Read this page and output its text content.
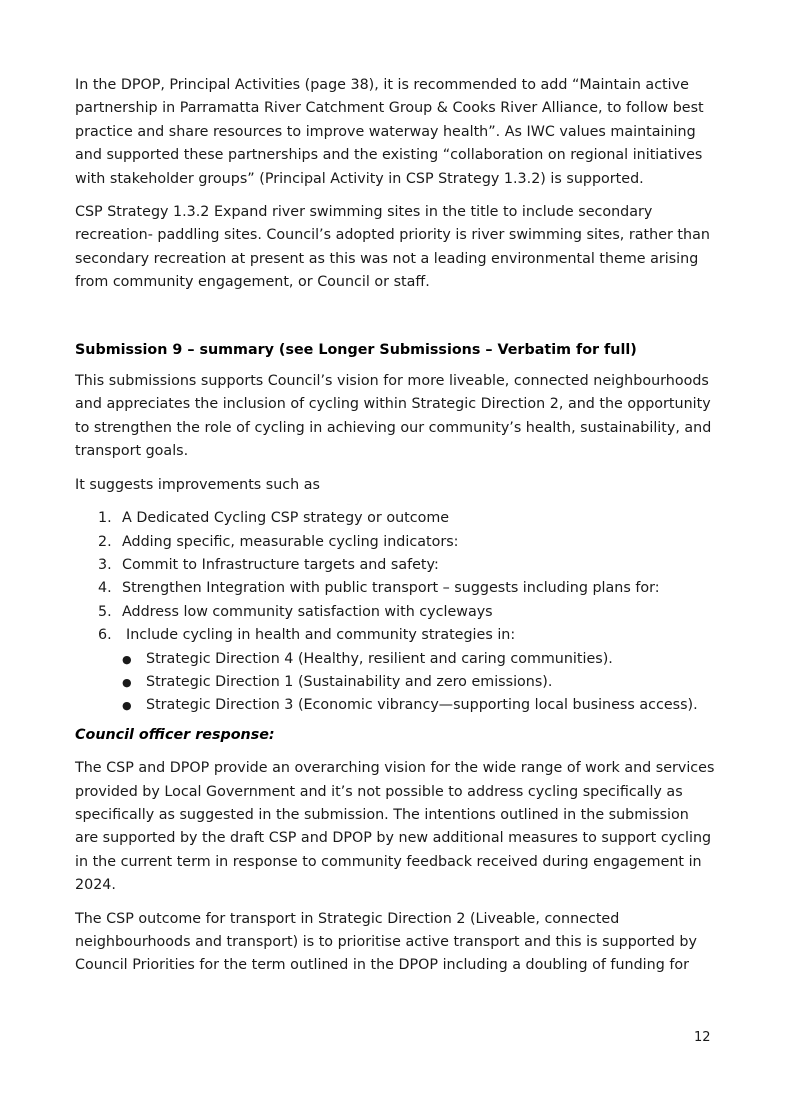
In the DPOP, Principal Activities (page 38), it is recommended to add “Maintain active partnership in Parramatta River Catchment Group & Cooks River Alliance, to follow best practice and share resources to improve waterway health”. As IWC values maintaining and supported these partnerships and the existing “collaboration on regional initiatives with stakeholder groups” (Principal Activity in CSP Strategy 1.3.2) is supported.

CSP Strategy 1.3.2 Expand river swimming sites in the title to include secondary recreation- paddling sites. Council’s adopted priority is river swimming sites, rather than secondary recreation at present as this was not a leading environmental theme arising from community engagement, or Council or staff.

Submission 9 – summary (see Longer Submissions – Verbatim for full)

This submissions supports Council’s vision for more liveable, connected neighbourhoods and appreciates the inclusion of cycling within Strategic Direction 2, and the opportunity to strengthen the role of cycling in achieving our community’s health, sustainability, and transport goals.

It suggests improvements such as

1. A Dedicated Cycling CSP strategy or outcome
2. Adding specific, measurable cycling indicators:
3. Commit to Infrastructure targets and safety:
4. Strengthen Integration with public transport – suggests including plans for:
5. Address low community satisfaction with cycleways
6. Include cycling in health and community strategies in:
● Strategic Direction 4 (Healthy, resilient and caring communities).
● Strategic Direction 1 (Sustainability and zero emissions).
● Strategic Direction 3 (Economic vibrancy—supporting local business access).

Council officer response:

The CSP and DPOP provide an overarching vision for the wide range of work and services provided by Local Government and it’s not possible to address cycling specifically as specifically as suggested in the submission. The intentions outlined in the submission are supported by the draft CSP and DPOP by new additional measures to support cycling in the current term in response to community feedback received during engagement in 2024.

The CSP outcome for transport in Strategic Direction 2 (Liveable, connected neighbourhoods and transport) is to prioritise active transport and this is supported by Council Priorities for the term outlined in the DPOP including a doubling of funding for

12
